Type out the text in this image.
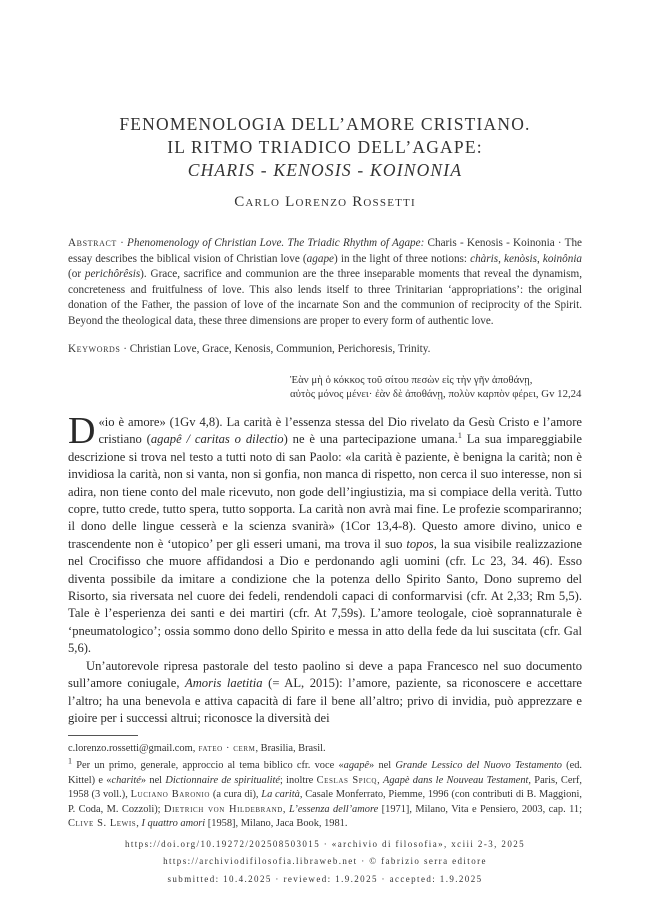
FENOMENOLOGIA DELL’AMORE CRISTIANO.
IL RITMO TRIADICO DELL’AGAPE:
CHARIS - KENOSIS - KOINONIA
Carlo Lorenzo Rossetti
Abstract · Phenomenology of Christian Love. The Triadic Rhythm of Agape: Charis - Kenosis - Koinonia · The essay describes the biblical vision of Christian love (agape) in the light of three notions: chàris, kenòsis, koinônia (or perichôrêsis). Grace, sacrifice and communion are the three inseparable moments that reveal the dynamism, concreteness and fruitfulness of love. This also lends itself to three Trinitarian ‘appropriations’: the original donation of the Father, the passion of love of the incarnate Son and the communion of reciprocity of the Spirit. Beyond the theological data, these three dimensions are proper to every form of authentic love.
Keywords · Christian Love, Grace, Kenosis, Communion, Perichoresis, Trinity.
Ἐὰν μὴ ὁ κόκκος τοῦ σίτου πεσὼν εἰς τὴν γῆν ἀποθάνῃ,
αὐτὸς μόνος μένει· ἐὰν δὲ ἀποθάνῃ, πολὺν καρπὸν φέρει, Gv 12,24

«
D io è amore» (1Gv 4,8). La carità è l’essenza stessa del Dio rivelato da Gesù Cristo e l’amore cristiano (agapê / caritas o dilectio) ne è una partecipazione umana.$^1$ La sua impareggiabile descrizione si trova nel testo a tutti noto di san Paolo: «la carità è paziente, è benigna la carità; non è invidiosa la carità, non si vanta, non si gonfia, non manca di rispetto, non cerca il suo interesse, non si adira, non tiene conto del male ricevuto, non gode dell’ingiustizia, ma si compiace della verità. Tutto copre, tutto crede, tutto spera, tutto sopporta. La carità non avrà mai fine. Le profezie scompariranno; il dono delle lingue cesserà e la scienza svanirà» (1Cor 13,4-8). Questo amore divino, unico e trascendente non è ‘utopico’ per gli esseri umani, ma trova il suo topos, la sua visibile realizzazione nel Crocifisso che muore affidandosi a Dio e perdonando agli uomini (cfr. Lc 23, 34. 46). Esso diventa possibile da imitare a condizione che la potenza dello Spirito Santo, Dono supremo del Risorto, sia riversata nel cuore dei fedeli, rendendoli capaci di conformarvisi (cfr. At 2,33; Rm 5,5). Tale è l’esperienza dei santi e dei martiri (cfr. At 7,59s). L’amore teologale, cioè soprannaturale è ‘pneumatologico’; ossia sommo dono dello Spirito e messa in atto della fede da lui suscitata (cfr. Gal 5,6).

Un’autorevole ripresa pastorale del testo paolino si deve a papa Francesco nel suo documento sull’amore coniugale, Amoris laetitia (= AL, 2015): l’amore, paziente, sa riconoscere e accettare l’altro; ha una benevola e attiva capacità di fare il bene all’altro; privo di invidia, può apprezzare e gioire per i successi altrui; riconosce la diversità dei

c.lorenzo.rossetti@gmail.com, fateo · cerm, Brasilia, Brasil.
$^1$ Per un primo, generale, approccio al tema biblico cfr. voce «agapê» nel Grande Lessico del Nuovo Testamento (ed. Kittel) e «charité» nel Dictionnaire de spiritualité; inoltre Ceslas Spicq, Agapè dans le Nouveau Testament, Paris, Cerf, 1958 (3 voll.), Luciano Baronio (a cura di), La carità, Casale Monferrato, Piemme, 1996 (con contributi di B. Maggioni, P. Coda, M. Cozzoli); Dietrich von Hildebrand, L’essenza dell’amore [1971], Milano, Vita e Pensiero, 2003, cap. 11; Clive S. Lewis, I quattro amori [1958], Milano, Jaca Book, 1981.
https://doi.org/10.19272/202508503015 · «archivio di filosofia», xciii 2-3, 2025
https://archiviodifilosofia.libraweb.net · © fabrizio serra editore
submitted: 10.4.2025 · reviewed: 1.9.2025 · accepted: 1.9.2025
